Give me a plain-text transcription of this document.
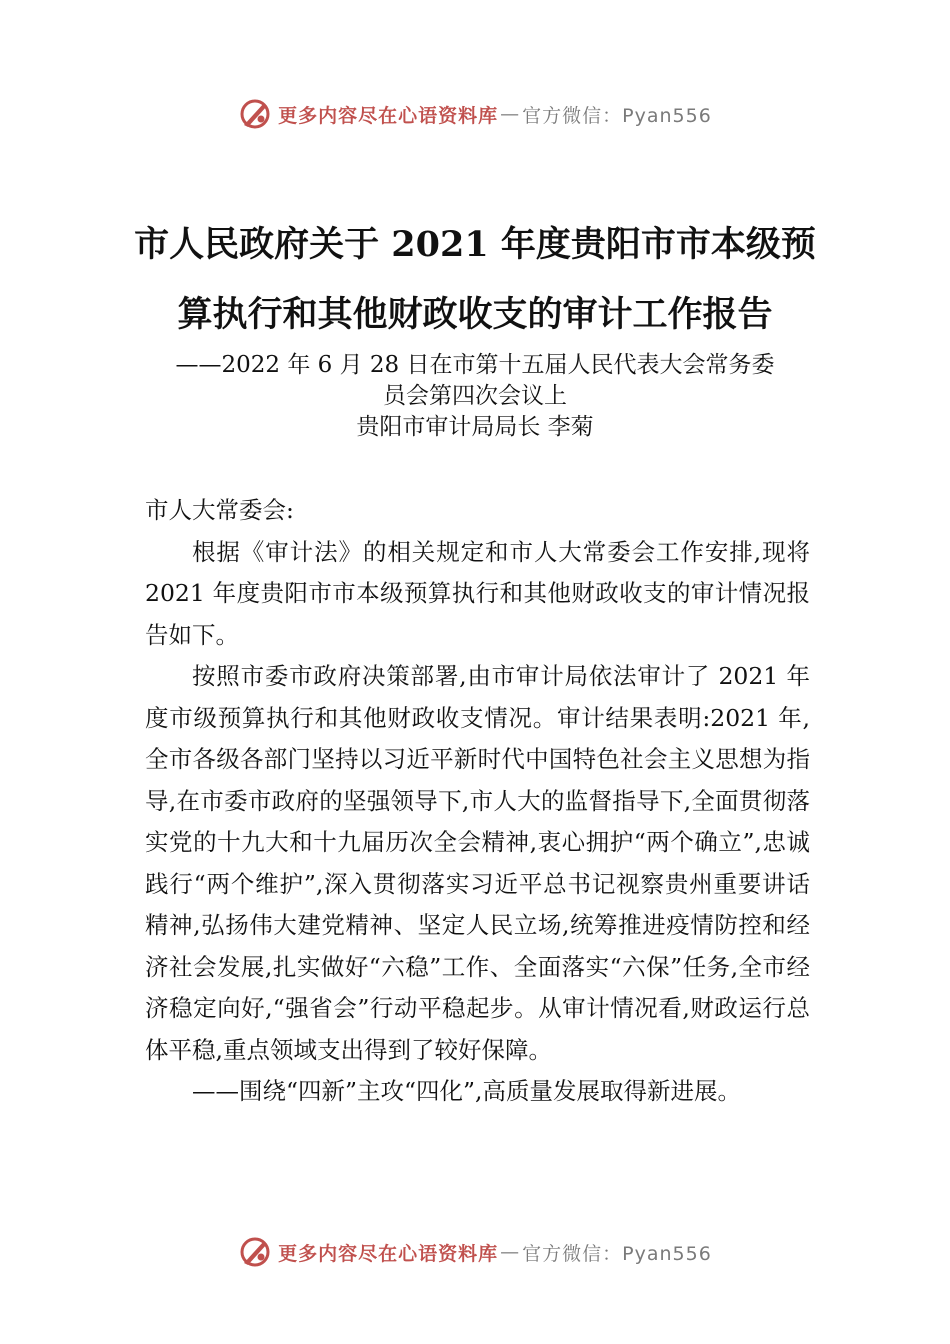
更多内容尽在心语资料库 — 官方微信：Pyan556
市人民政府关于 2021 年度贵阳市市本级预
算执行和其他财政收支的审计工作报告
——2022 年 6 月 28 日在市第十五届人民代表大会常务委
员会第四次会议上
贵阳市审计局局长 李菊

市人大常委会:

根据《审计法》的相关规定和市人大常委会工作安排,现将 2021 年度贵阳市市本级预算执行和其他财政收支的审计情况报告如下。

按照市委市政府决策部署,由市审计局依法审计了 2021 年度市级预算执行和其他财政收支情况。审计结果表明:2021 年,全市各级各部门坚持以习近平新时代中国特色社会主义思想为指导,在市委市政府的坚强领导下,市人大的监督指导下,全面贯彻落实党的十九大和十九届历次全会精神,衷心拥护“两个确立”,忠诚践行“两个维护”,深入贯彻落实习近平总书记视察贵州重要讲话精神,弘扬伟大建党精神、坚定人民立场,统筹推进疫情防控和经济社会发展,扎实做好“六稳”工作、全面落实“六保”任务,全市经济稳定向好,“强省会”行动平稳起步。从审计情况看,财政运行总体平稳,重点领域支出得到了较好保障。

——围绕“四新”主攻“四化”,高质量发展取得新进展。

更多内容尽在心语资料库 — 官方微信：Pyan556
